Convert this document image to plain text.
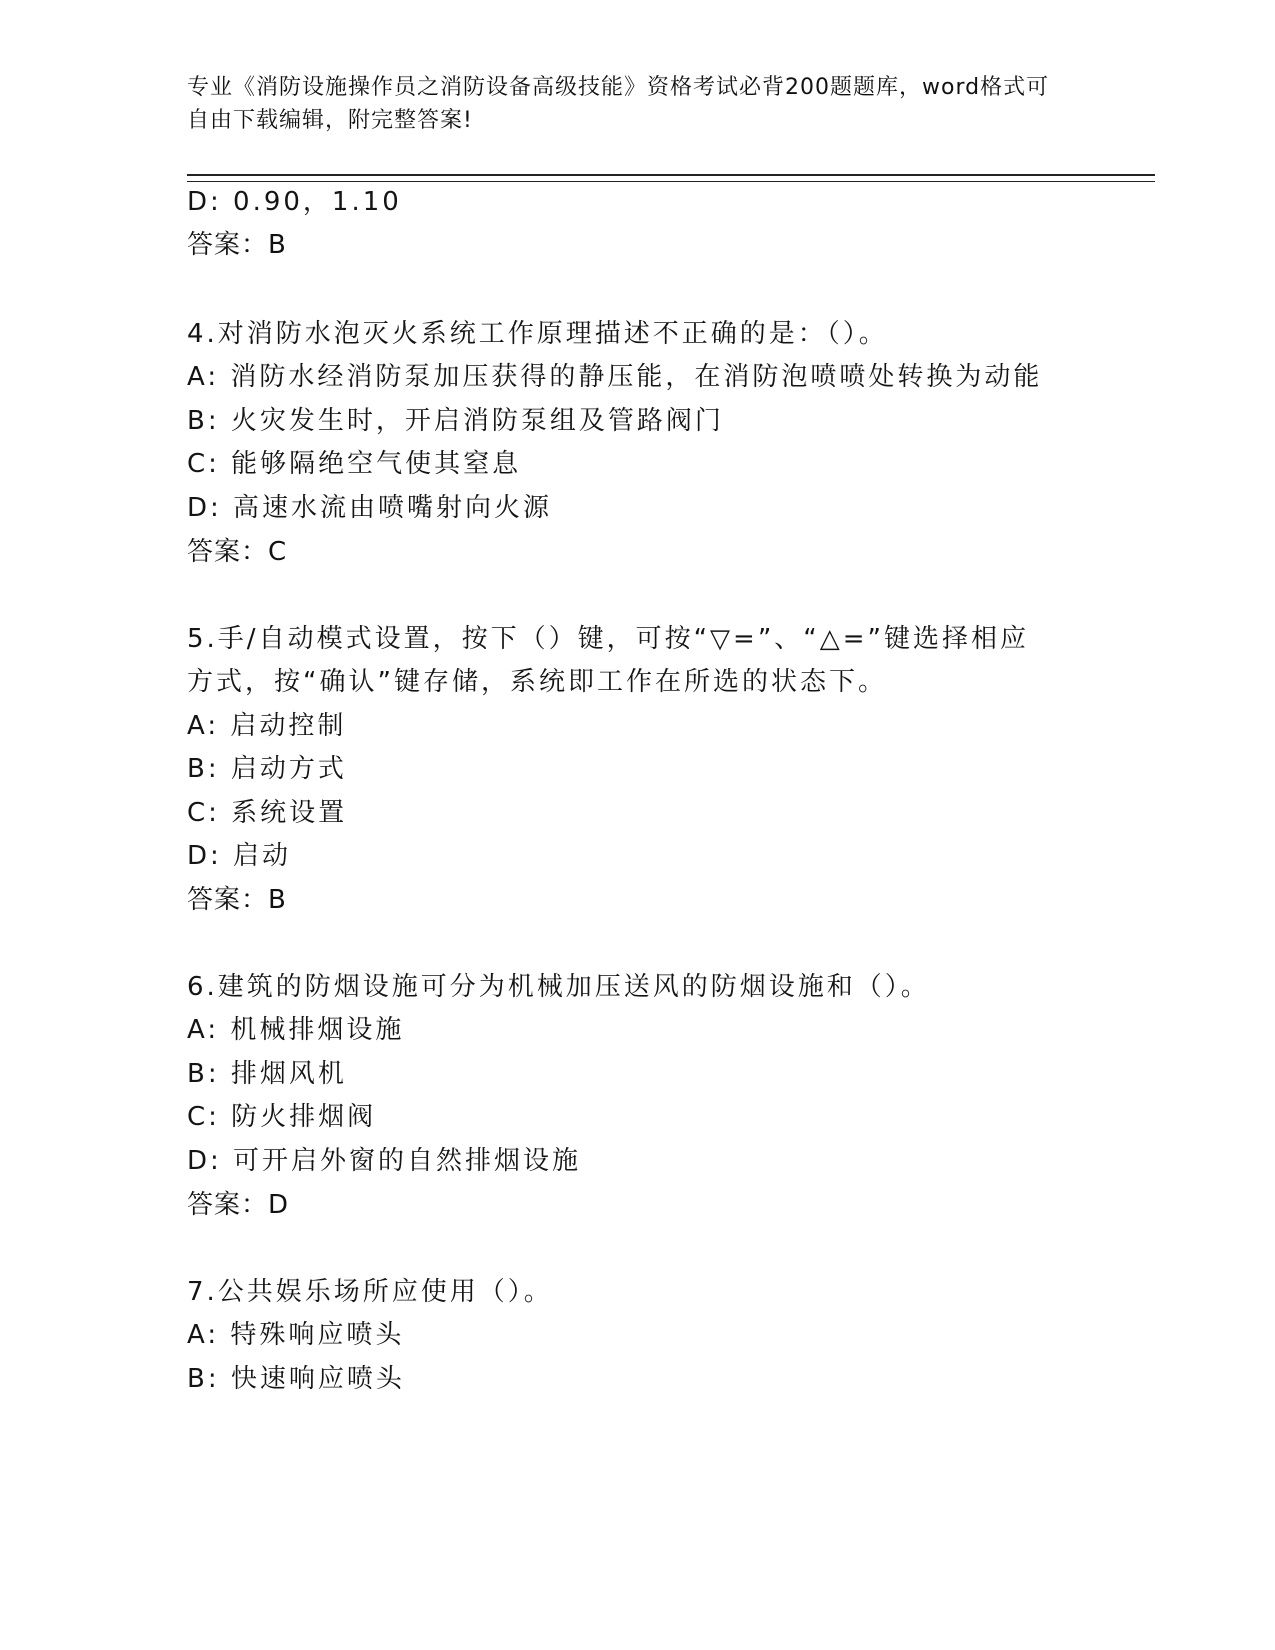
专业《消防设施操作员之消防设备高级技能》资格考试必背200题题库，word格式可自由下载编辑，附完整答案!
D: 0.90，1.10
答案：B
4.对消防水泡灭火系统工作原理描述不正确的是：（）。
A: 消防水经消防泵加压获得的静压能，在消防泡喷喷处转换为动能
B: 火灾发生时，开启消防泵组及管路阀门
C: 能够隔绝空气使其窒息
D: 高速水流由喷嘴射向火源
答案：C
5.手/自动模式设置，按下（）键，可按“▽=”、“△=”键选择相应
方式，按“确认”键存储，系统即工作在所选的状态下。
A: 启动控制
B: 启动方式
C: 系统设置
D: 启动
答案：B
6.建筑的防烟设施可分为机械加压送风的防烟设施和（）。
A: 机械排烟设施
B: 排烟风机
C: 防火排烟阀
D: 可开启外窗的自然排烟设施
答案：D
7.公共娱乐场所应使用（）。
A: 特殊响应喷头
B: 快速响应喷头
